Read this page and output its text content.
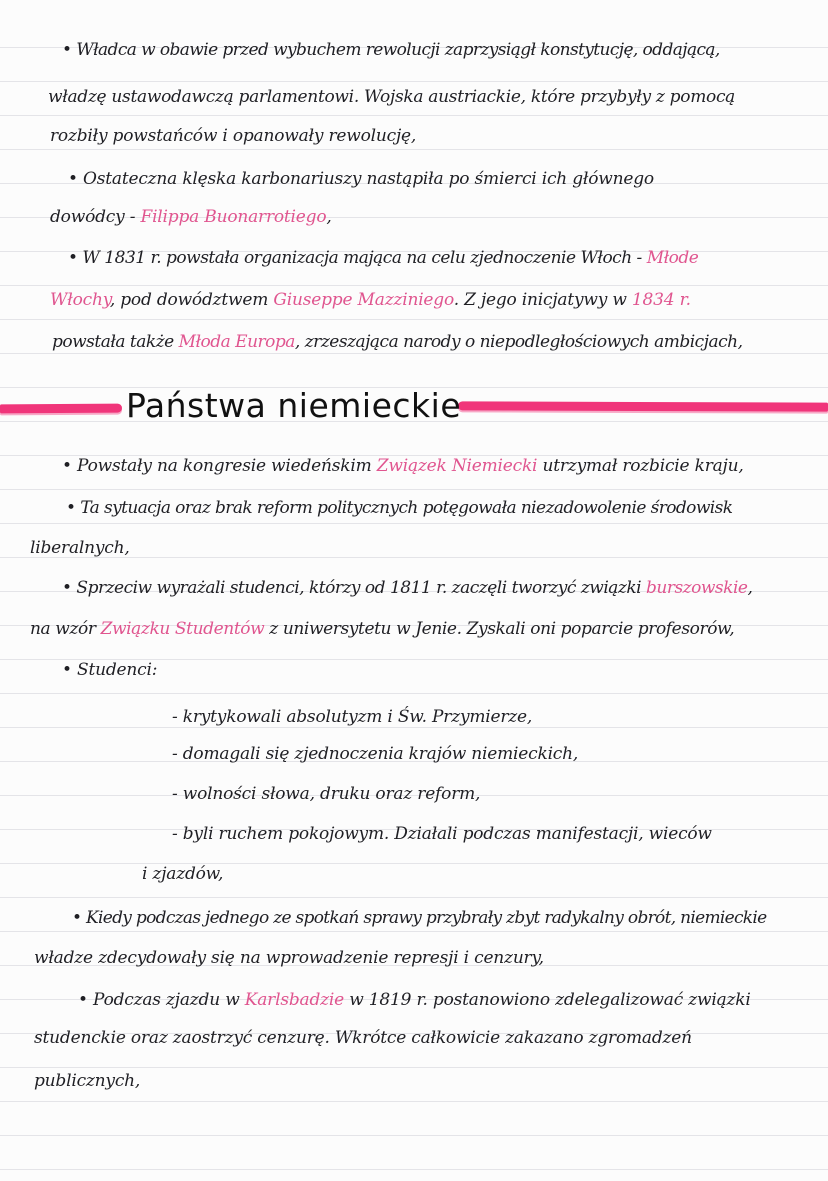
• Władca w obawie przed wybuchem rewolucji zaprzysiągł konstytucję, oddającą,
władzę ustawodawczą parlamentowi. Wojska austriackie, które przybyły z pomocą
rozbiły powstańców i opanowały rewolucję,
• Ostateczna klęska karbonariuszy nastąpiła po śmierci ich głównego
dowódcy - Filippa Buonarrotiego,
• W 1831 r. powstała organizacja mająca na celu zjednoczenie Włoch - Młode
Włochy, pod dowództwem Giuseppe Mazziniego. Z jego inicjatywy w 1834 r.
powstała także Młoda Europa, zrzeszająca narody o niepodległościowych ambicjach,
Państwa niemieckie
• Powstały na kongresie wiedeńskim Związek Niemiecki utrzymał rozbicie kraju,
• Ta sytuacja oraz brak reform politycznych potęgowała niezadowolenie środowisk
liberalnych,
• Sprzeciw wyrażali studenci, którzy od 1811 r. zaczęli tworzyć związki burszowskie,
na wzór Związku Studentów z uniwersytetu w Jenie. Zyskali oni poparcie profesorów,
• Studenci:
- krytykowali absolutyzm i Św. Przymierze,
- domagali się zjednoczenia krajów niemieckich,
- wolności słowa, druku oraz reform,
- byli ruchem pokojowym. Działali podczas manifestacji, wieców
i zjazdów,
• Kiedy podczas jednego ze spotkań sprawy przybrały zbyt radykalny obrót, niemieckie
władze zdecydowały się na wprowadzenie represji i cenzury,
• Podczas zjazdu w Karlsbadzie w 1819 r. postanowiono zdelegalizować związki
studenckie oraz zaostrzyć cenzurę. Wkrótce całkowicie zakazano zgromadzeń
publicznych,
